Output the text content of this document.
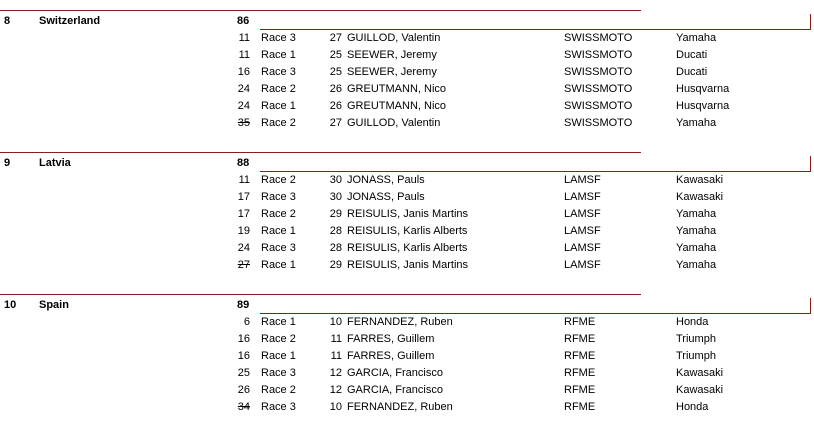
8	Switzerland	86
11 Race 3	27 GUILLOD, Valentin	SWISSMOTO	Yamaha
11 Race 1	25 SEEWER, Jeremy	SWISSMOTO	Ducati
16 Race 3	25 SEEWER, Jeremy	SWISSMOTO	Ducati
24 Race 2	26 GREUTMANN, Nico	SWISSMOTO	Husqvarna
24 Race 1	26 GREUTMANN, Nico	SWISSMOTO	Husqvarna
35 Race 2	27 GUILLOD, Valentin	SWISSMOTO	Yamaha
9	Latvia	88
11 Race 2	30 JONASS, Pauls	LAMSF	Kawasaki
17 Race 3	30 JONASS, Pauls	LAMSF	Kawasaki
17 Race 2	29 REISULIS, Janis Martins	LAMSF	Yamaha
19 Race 1	28 REISULIS, Karlis Alberts	LAMSF	Yamaha
24 Race 3	28 REISULIS, Karlis Alberts	LAMSF	Yamaha
27 Race 1	29 REISULIS, Janis Martins	LAMSF	Yamaha
10 Spain	89
6 Race 1	10 FERNANDEZ, Ruben	RFME	Honda
16 Race 2	11 FARRES, Guillem	RFME	Triumph
16 Race 1	11 FARRES, Guillem	RFME	Triumph
25 Race 3	12 GARCIA, Francisco	RFME	Kawasaki
26 Race 2	12 GARCIA, Francisco	RFME	Kawasaki
34 Race 3	10 FERNANDEZ, Ruben	RFME	Honda
